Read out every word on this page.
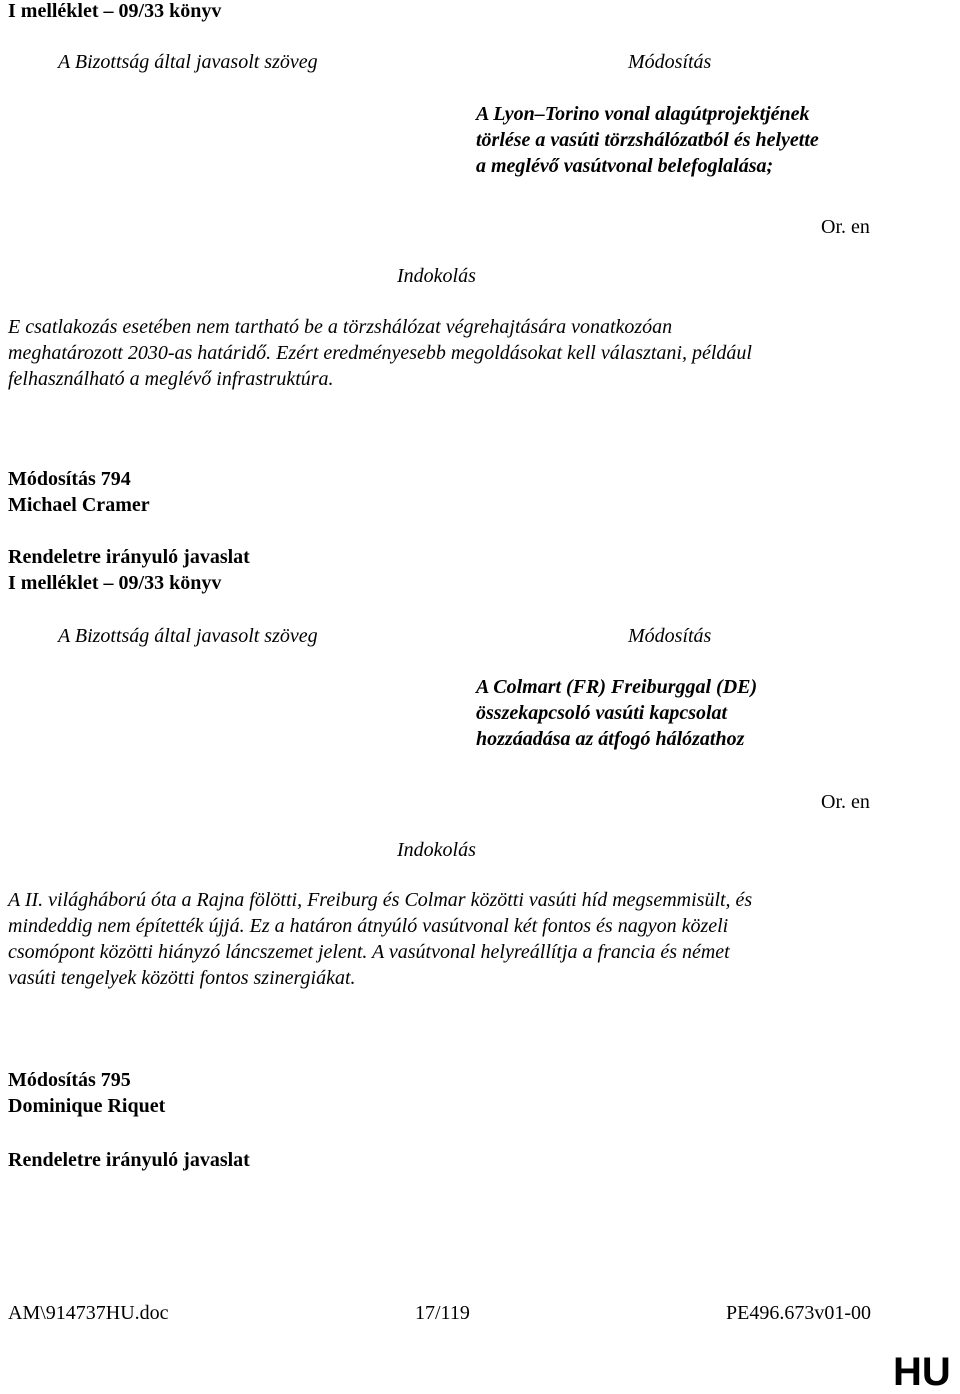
I melléklet – 09/33 könyv
A Bizottság által javasolt szöveg	Módosítás
A Lyon–Torino vonal alagútprojektjének
törlése a vasúti törzshálózatból és helyette
a meglévő vasútvonal belefoglalása;
Or. en
Indokolás
E csatlakozás esetében nem tartható be a törzshálózat végrehajtására vonatkozóan
meghatározott 2030-as határidő. Ezért eredményesebb megoldásokat kell választani, például
felhasználható a meglévő infrastruktúra.
Módosítás 794
Michael Cramer
Rendeletre irányuló javaslat
I melléklet – 09/33 könyv
A Bizottság által javasolt szöveg	Módosítás
A Colmart (FR) Freiburggal (DE)
összekapcsoló vasúti kapcsolat
hozzáadása az átfogó hálózathoz
Or. en
Indokolás
A II. világháború óta a Rajna fölötti, Freiburg és Colmar közötti vasúti híd megsemmisült, és
mindeddig nem építették újjá. Ez a határon átnyúló vasútvonal két fontos és nagyon közeli
csomópont közötti hiányzó láncszemet jelent. A vasútvonal helyreállítja a francia és német
vasúti tengelyek közötti fontos szinergiákat.
Módosítás 795
Dominique Riquet
Rendeletre irányuló javaslat
AM\914737HU.doc	17/119	PE496.673v01-00
HU
